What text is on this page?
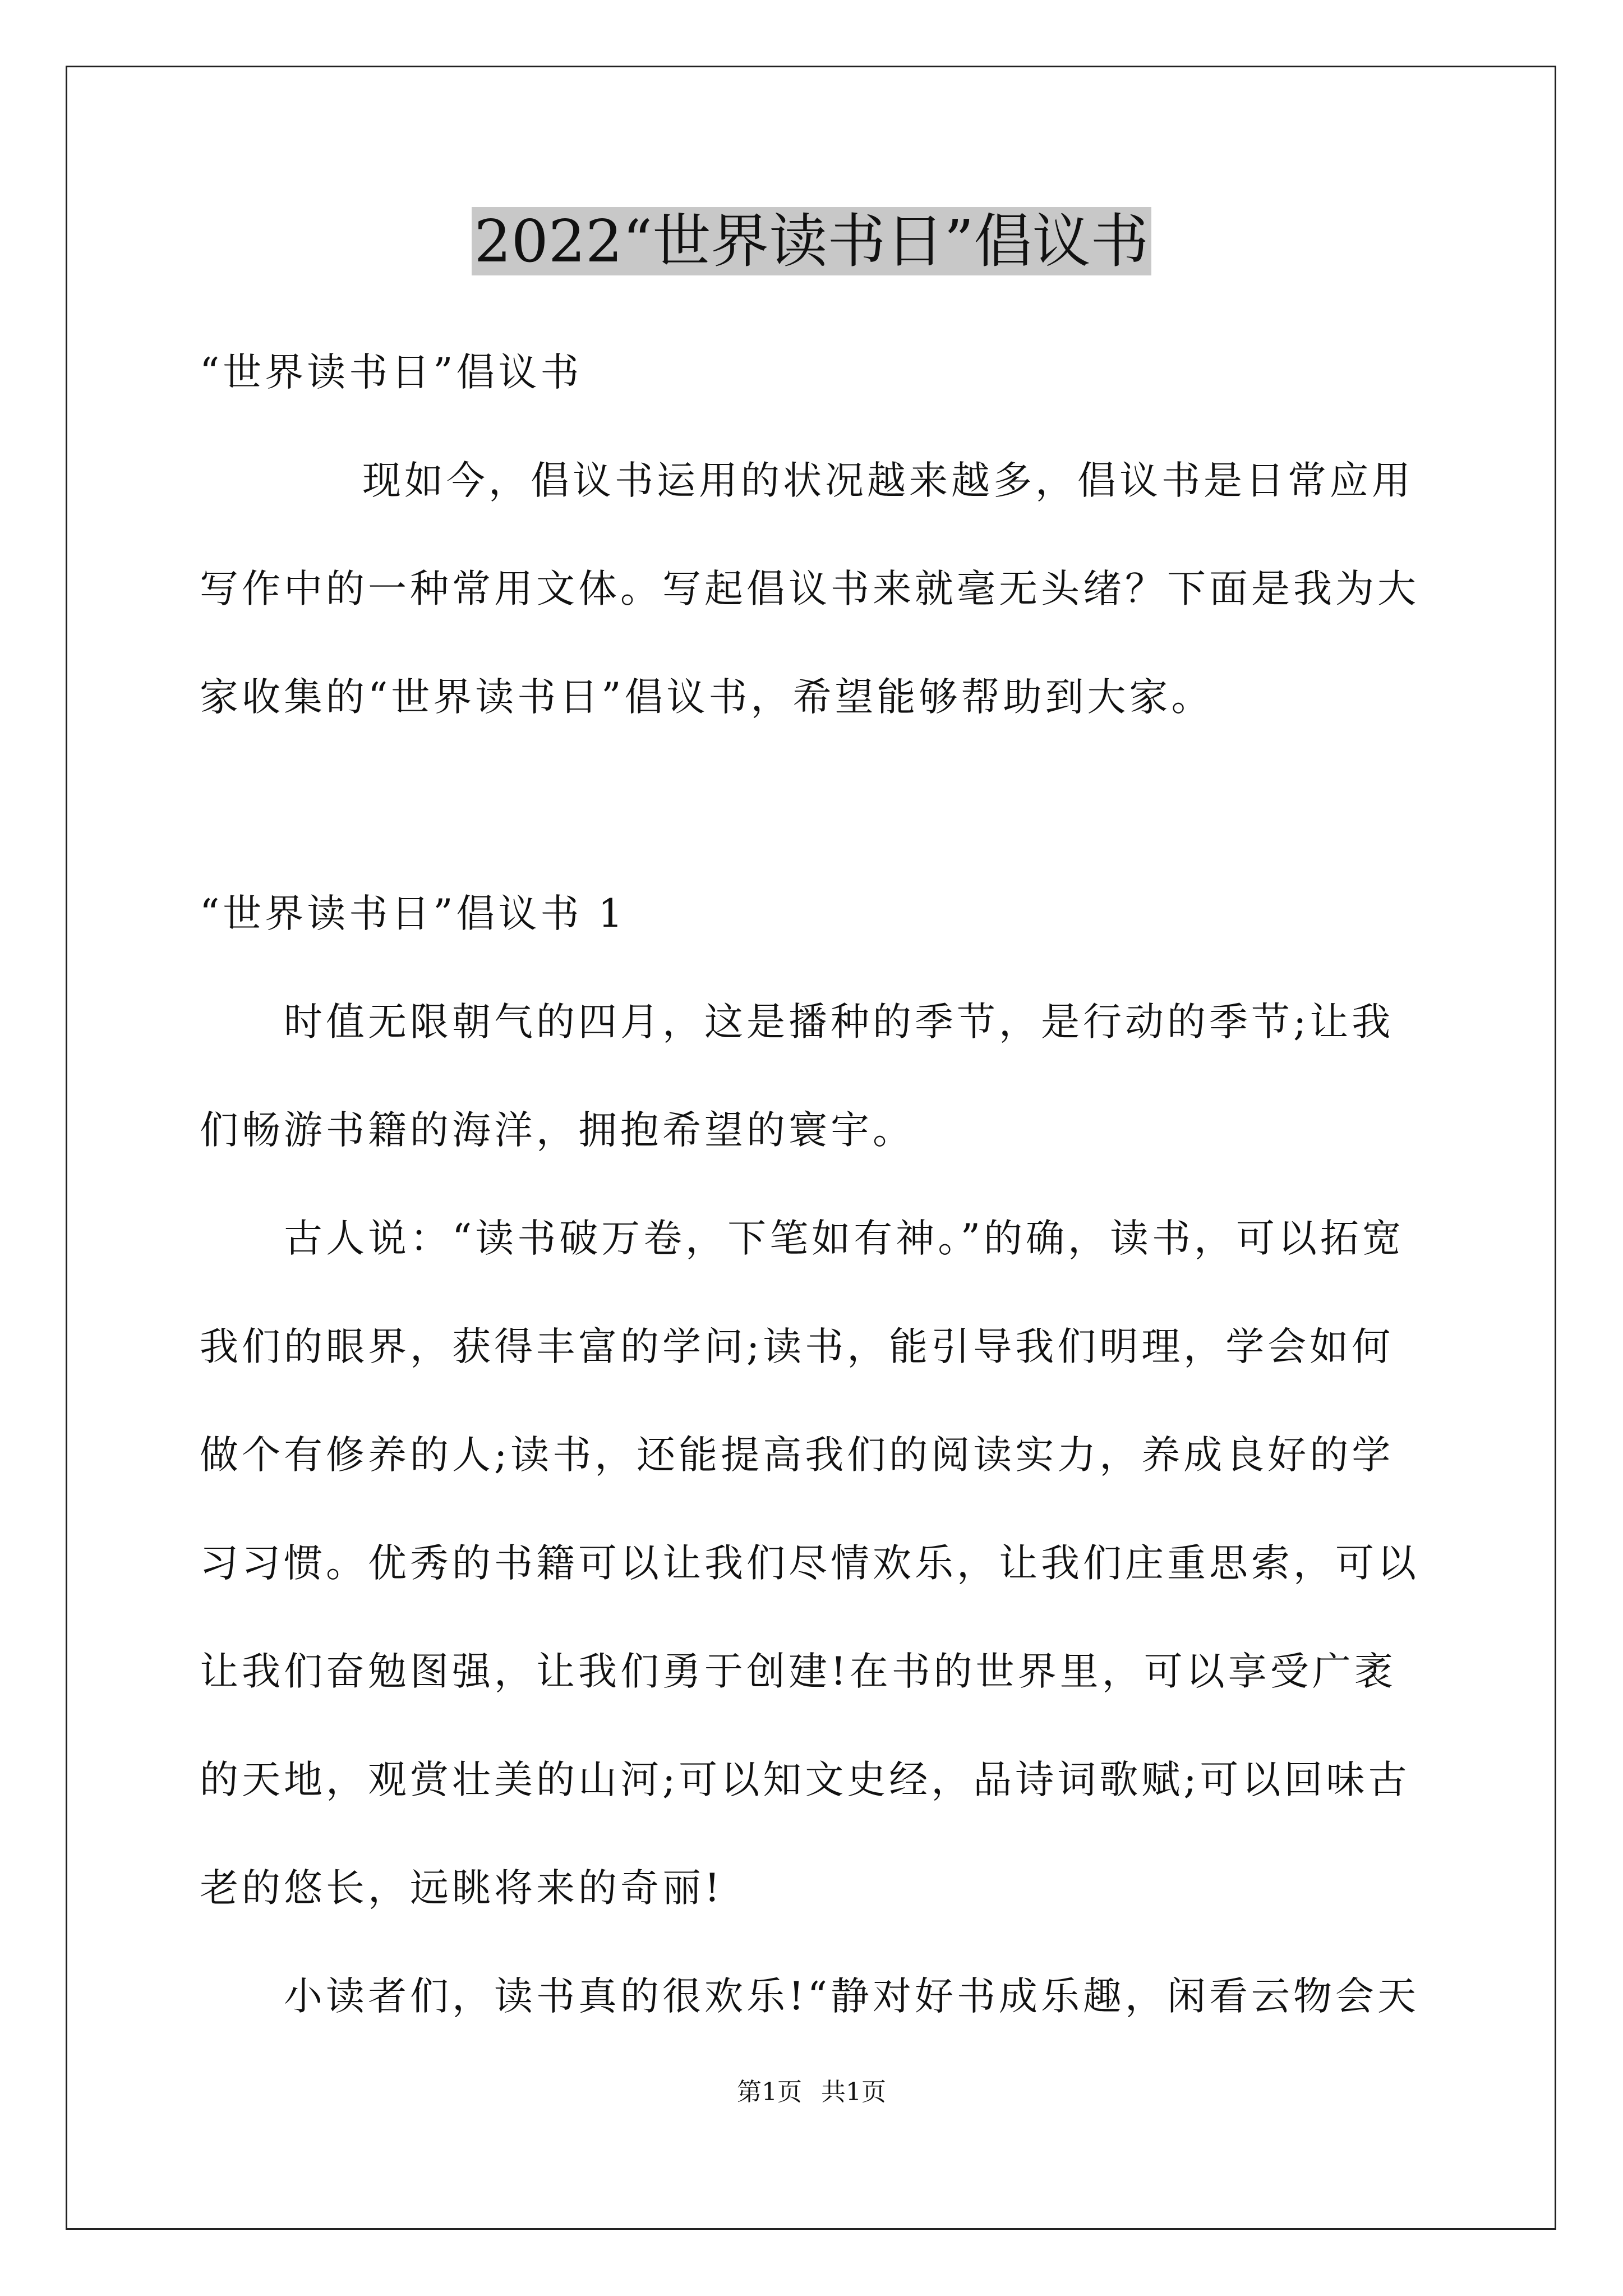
2022“世界读书日”倡议书

“世界读书日”倡议书

现如今，倡议书运用的状况越来越多，倡议书是日常应用写作中的一种常用文体。写起倡议书来就毫无头绪？下面是我为大家收集的“世界读书日”倡议书，希望能够帮助到大家。

“世界读书日”倡议书 1

时值无限朝气的四月，这是播种的季节，是行动的季节;让我们畅游书籍的海洋，拥抱希望的寰宇。

古人说：“读书破万卷，下笔如有神。”的确，读书，可以拓宽我们的眼界，获得丰富的学问;读书，能引导我们明理，学会如何做个有修养的人;读书，还能提高我们的阅读实力，养成良好的学习习惯。优秀的书籍可以让我们尽情欢乐，让我们庄重思索，可以让我们奋勉图强，让我们勇于创建!在书的世界里，可以享受广袤的天地，观赏壮美的山河;可以知文史经，品诗词歌赋;可以回味古老的悠长，远眺将来的奇丽!

小读者们，读书真的很欢乐!“静对好书成乐趣，闲看云物会天

第1页 共1页
